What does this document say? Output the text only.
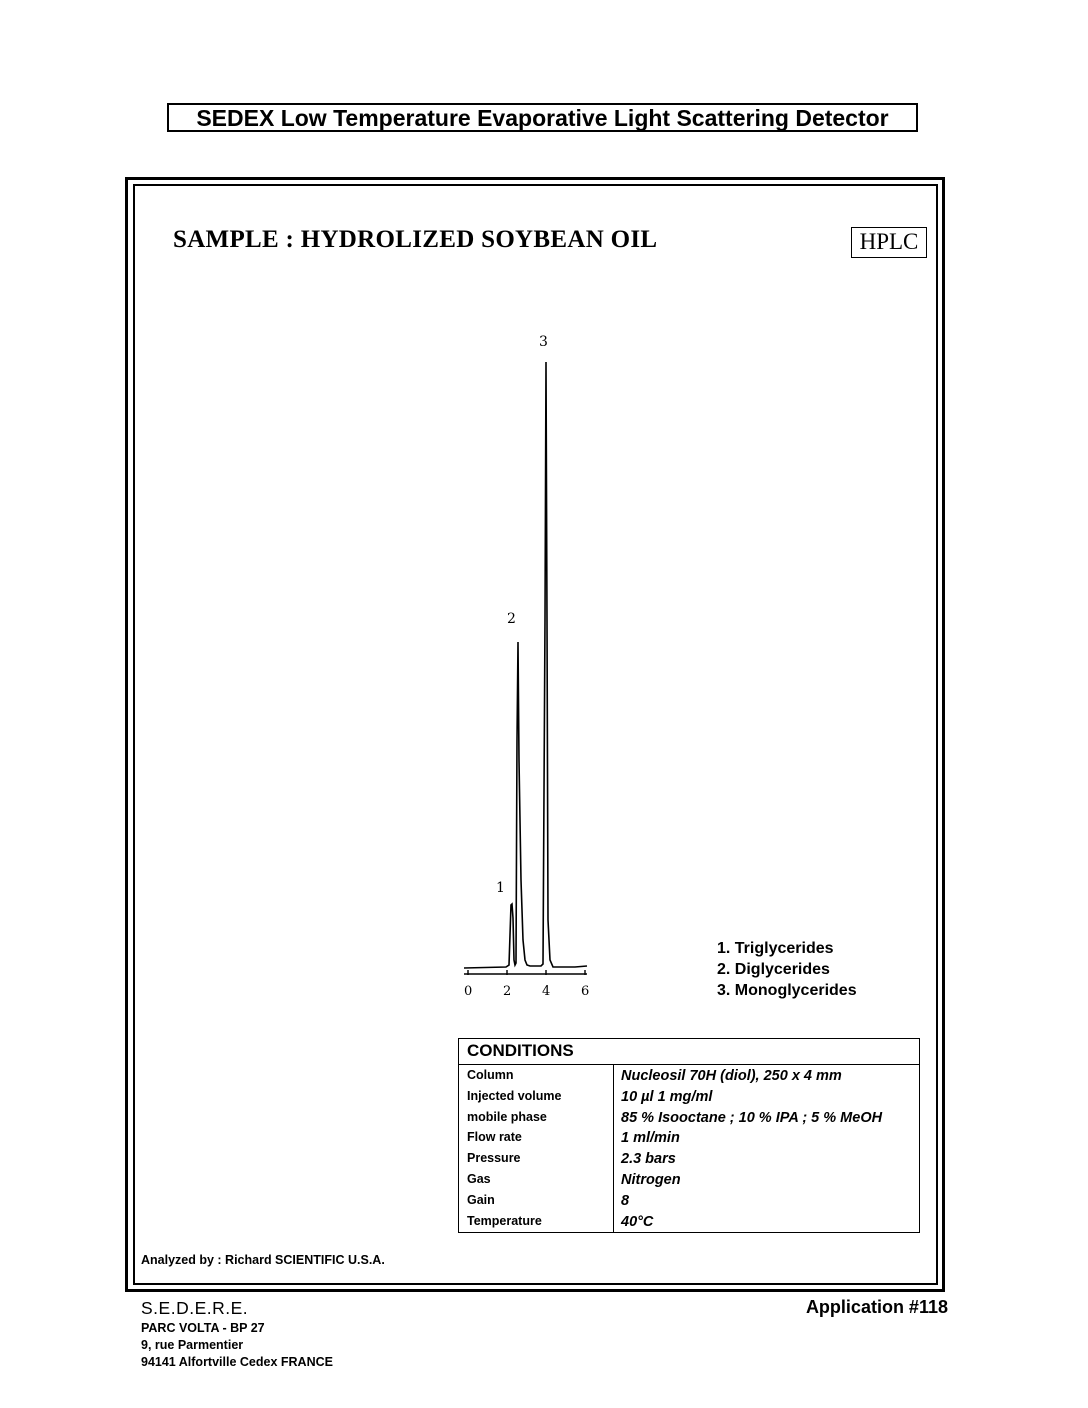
SEDEX Low Temperature Evaporative Light Scattering Detector
SAMPLE : HYDROLIZED SOYBEAN OIL	HPLC
1
2
3
0 2 4 6
1. Triglycerides
2. Diglycerides
3. Monoglycerides
CONDITIONS
Column	Nucleosil 70H (diol), 250 x 4 mm
Injected volume	10 µl 1 mg/ml
mobile phase	85 % Isooctane ; 10 % IPA ; 5 % MeOH
Flow rate	1 ml/min
Pressure	2.3 bars
Gas	Nitrogen
Gain	8
Temperature	40°C
Analyzed by : Richard SCIENTIFIC U.S.A.
S.E.D.E.R.E.
PARC VOLTA - BP 27
9, rue Parmentier
94141 Alfortville Cedex FRANCE
Application #118
